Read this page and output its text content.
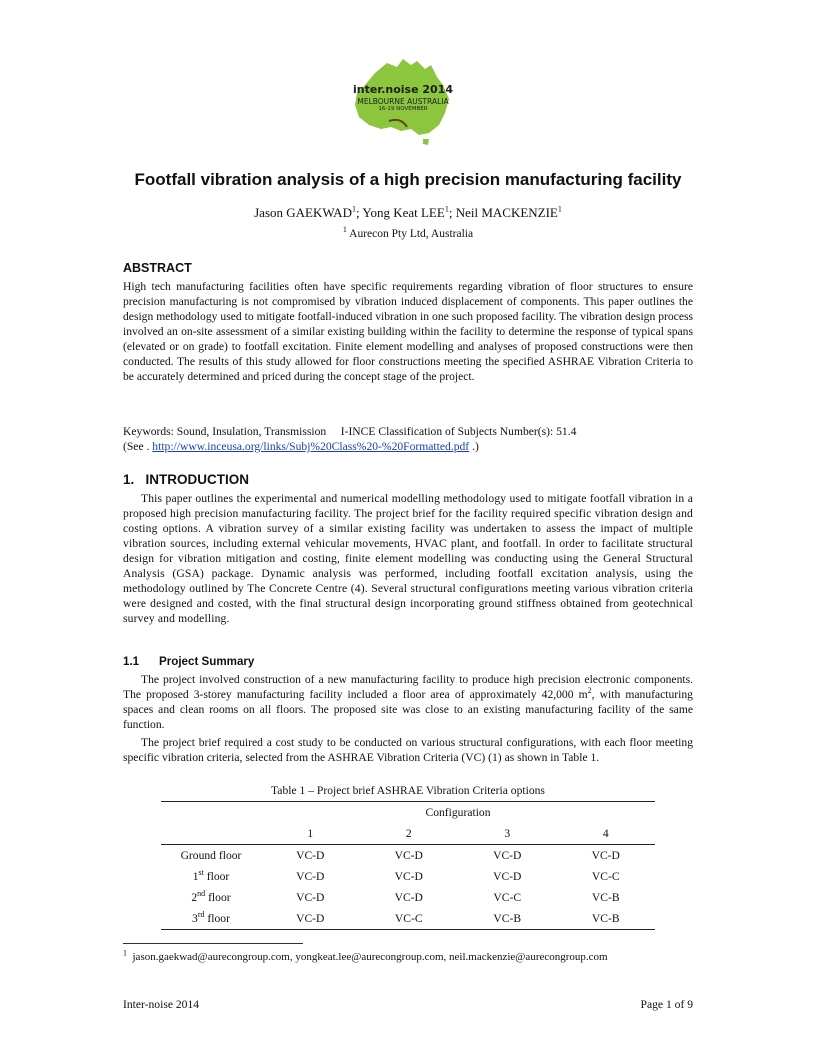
inter.noise 2014
MELBOURNE AUSTRALIA
16-19 NOVEMBER
Footfall vibration analysis of a high precision manufacturing facility
Jason GAEKWAD$^1$; Yong Keat LEE$^1$; Neil MACKENZIE$^1$
$^1$ Aurecon Pty Ltd, Australia
ABSTRACT
High tech manufacturing facilities often have specific requirements regarding vibration of floor structures to ensure precision manufacturing is not compromised by vibration induced displacement of components. This paper outlines the design methodology used to mitigate footfall-induced vibration in one such proposed facility. The vibration design process involved an on-site assessment of a similar existing building within the facility to determine the response of typical spans (elevated or on grade) to footfall excitation. Finite element modelling and analyses of proposed constructions were then conducted. The results of this study allowed for floor constructions meeting the specified ASHRAE Vibration Criteria to be accurately determined and priced during the concept stage of the project.
Keywords: Sound, Insulation, Transmission     I-INCE Classification of Subjects Number(s): 51.4
(See . http://www.inceusa.org/links/Subj%20Class%20-%20Formatted.pdf .)
1.   INTRODUCTION
This paper outlines the experimental and numerical modelling methodology used to mitigate footfall vibration in a proposed high precision manufacturing facility. The project brief for the facility required specific vibration design and costing options. A vibration survey of a similar existing facility was undertaken to assess the impact of multiple vibration sources, including external vehicular movements, HVAC plant, and footfall. In order to facilitate structural design for vibration mitigation and costing, finite element modelling was conducting using the General Structural Analysis (GSA) package. Dynamic analysis was performed, including footfall excitation analysis, using the methodology outlined by The Concrete Centre (4). Several structural configurations meeting various vibration criteria were designed and costed, with the final structural design incorporating ground stiffness obtained from geotechnical survey and modelling.
1.1 Project Summary
The project involved construction of a new manufacturing facility to produce high precision electronic components. The proposed 3-storey manufacturing facility included a floor area of approximately 42,000 $m^2$, with manufacturing spaces and clean rooms on all floors. The proposed site was close to an existing manufacturing facility of the same function.
The project brief required a cost study to be conducted on various structural configurations, with each floor meeting specific vibration criteria, selected from the ASHRAE Vibration Criteria (VC) (1) as shown in Table 1.
Table 1 – Project brief ASHRAE Vibration Criteria options
	Configuration			
	1	2	3	4
Ground floor	VC-D	VC-D	VC-D	VC-D
1st floor	VC-D	VC-D	VC-D	VC-C
2nd floor	VC-D	VC-D	VC-C	VC-B
3rd floor	VC-D	VC-C	VC-B	VC-B
$^1$ jason.gaekwad@aurecongroup.com, yongkeat.lee@aurecongroup.com, neil.mackenzie@aurecongroup.com
Inter-noise 2014	Page 1 of 9
